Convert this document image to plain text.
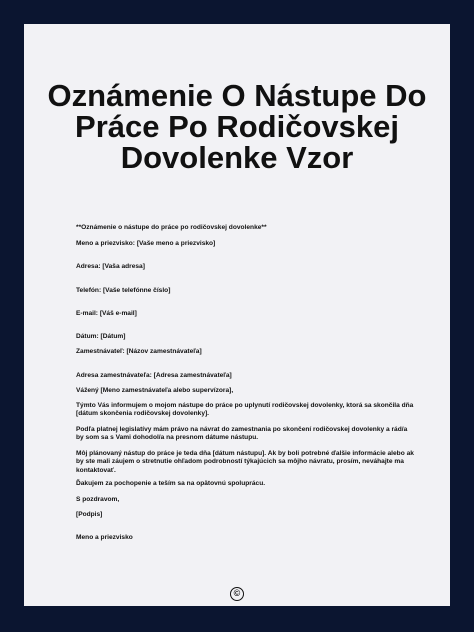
Oznámenie O Nástupe Do
Práce Po Rodičovskej
Dovolenke Vzor
**Oznámenie o nástupe do práce po rodičovskej dovolenke**
Meno a priezvisko: [Vaše meno a priezvisko]
Adresa: [Vaša adresa]
Telefón: [Vaše telefónne číslo]
E-mail: [Váš e-mail]
Dátum: [Dátum]
Zamestnávateľ: [Názov zamestnávateľa]
Adresa zamestnávateľa: [Adresa zamestnávateľa]
Vážený [Meno zamestnávateľa alebo supervízora],
Týmto Vás informujem o mojom nástupe do práce po uplynutí rodičovskej dovolenky, ktorá sa skončila dňa [dátum skončenia rodičovskej dovolenky].
Podľa platnej legislatívy mám právo na návrat do zamestnania po skončení rodičovskej dovolenky a rád/a by som sa s Vami dohodol/a na presnom dátume nástupu.
Môj plánovaný nástup do práce je teda dňa [dátum nástupu]. Ak by boli potrebné ďalšie informácie alebo ak by ste mali záujem o stretnutie ohľadom podrobností týkajúcich sa môjho návratu, prosím, neváhajte ma kontaktovať.
Ďakujem za pochopenie a teším sa na opätovnú spoluprácu.
S pozdravom,
[Podpis]
Meno a priezvisko
©
